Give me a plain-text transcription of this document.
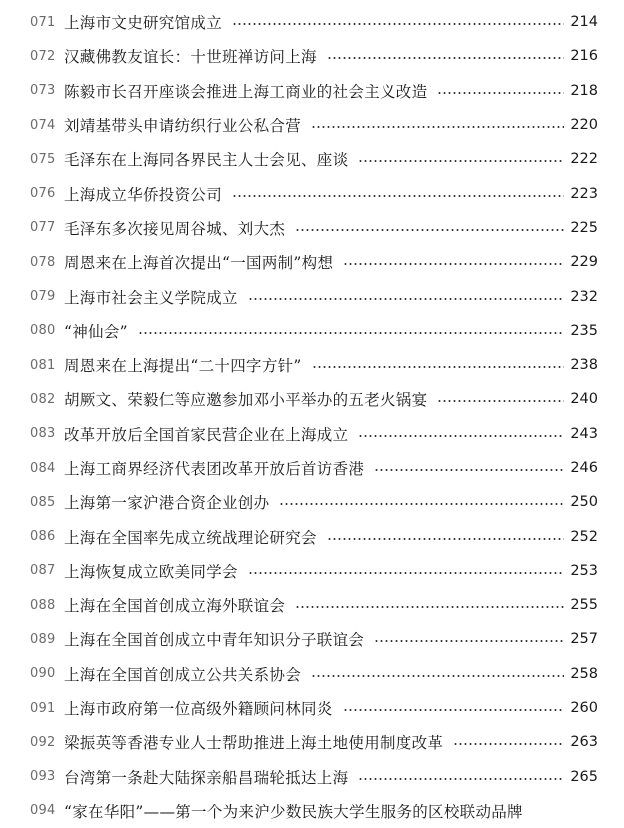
071 上海市文史研究馆成立	214
072 汉藏佛教友谊长：十世班禅访问上海	216
073 陈毅市长召开座谈会推进上海工商业的社会主义改造	218
074 刘靖基带头申请纺织行业公私合营	220
075 毛泽东在上海同各界民主人士会见、座谈	222
076 上海成立华侨投资公司	223
077 毛泽东多次接见周谷城、刘大杰	225
078 周恩来在上海首次提出“一国两制”构想	229
079 上海市社会主义学院成立	232
080 “神仙会”	235
081 周恩来在上海提出“二十四字方针”	238
082 胡厥文、荣毅仁等应邀参加邓小平举办的五老火锅宴	240
083 改革开放后全国首家民营企业在上海成立	243
084 上海工商界经济代表团改革开放后首访香港	246
085 上海第一家沪港合资企业创办	250
086 上海在全国率先成立统战理论研究会	252
087 上海恢复成立欧美同学会	253
088 上海在全国首创成立海外联谊会	255
089 上海在全国首创成立中青年知识分子联谊会	257
090 上海在全国首创成立公共关系协会	258
091 上海市政府第一位高级外籍顾问林同炎	260
092 梁振英等香港专业人士帮助推进上海土地使用制度改革	263
093 台湾第一条赴大陆探亲船昌瑞轮抵达上海	265
094 “家在华阳”——第一个为来沪少数民族大学生服务的区校联动品牌
